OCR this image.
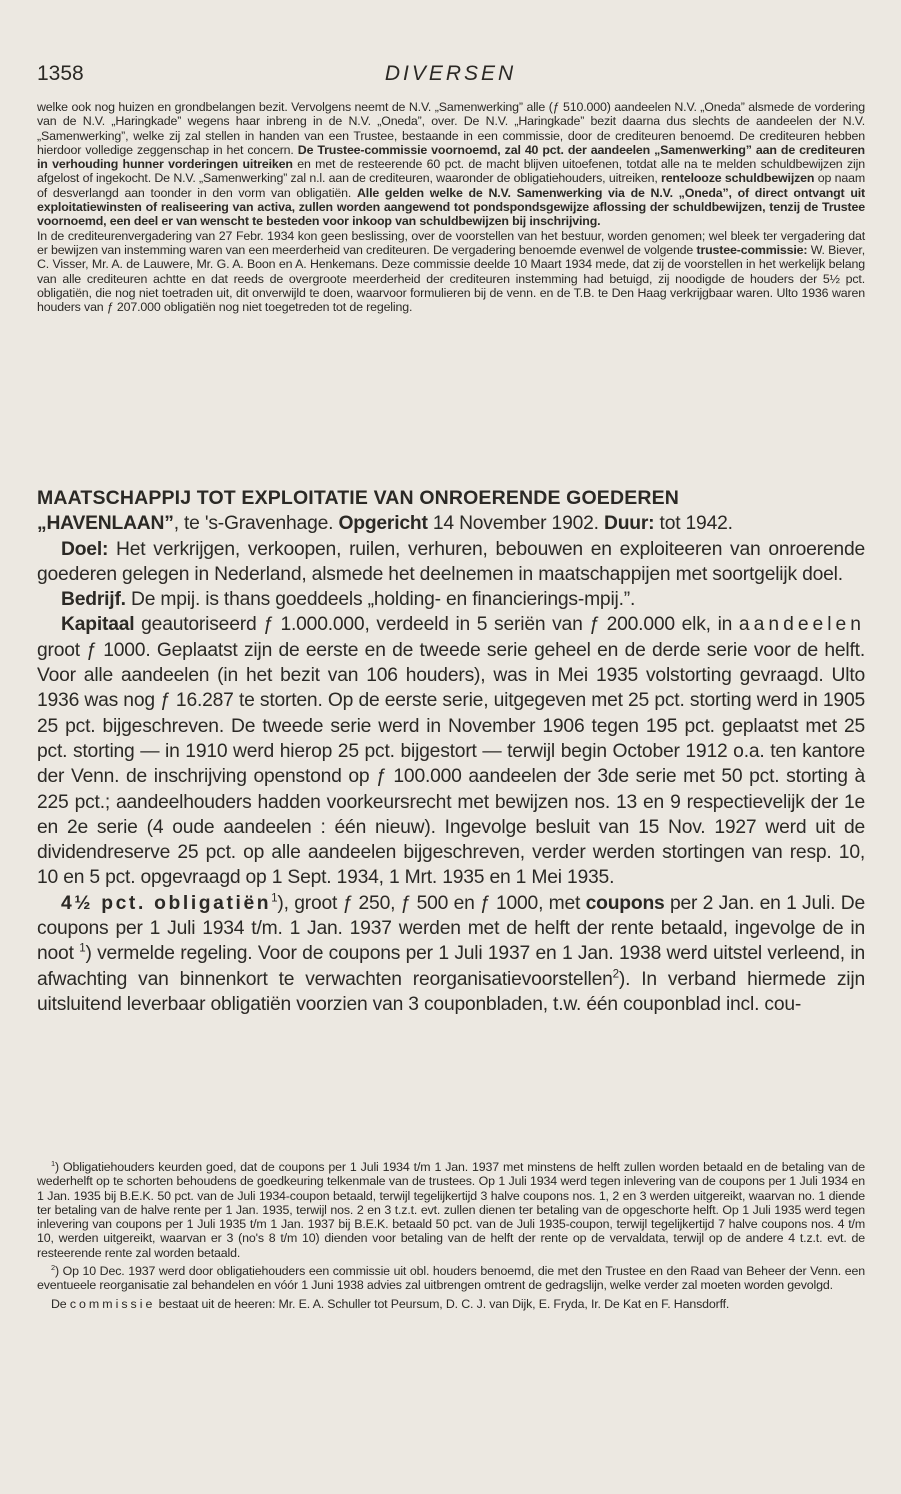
1358	DIVERSEN

welke ook nog huizen en grondbelangen bezit. Vervolgens neemt de N.V. „Samenwerking” alle (ƒ 510.000) aandeelen N.V. „Oneda” alsmede de vordering van de N.V. „Haringkade” wegens haar inbreng in de N.V. „Oneda”, over. De N.V. „Haringkade” bezit daarna dus slechts de aandeelen der N.V. „Samenwerking”, welke zij zal stellen in handen van een Trustee, bestaande in een commissie, door de crediteuren benoemd. De crediteuren hebben hierdoor volledige zeggenschap in het concern. De Trustee-commissie voornoemd, zal 40 pct. der aandeelen „Samenwerking” aan de crediteuren in verhouding hunner vorderingen uitreiken en met de resteerende 60 pct. de macht blijven uitoefenen, totdat alle na te melden schuldbewijzen zijn afgelost of ingekocht. De N.V. „Samenwerking” zal n.l. aan de crediteuren, waaronder de obligatiehouders, uitreiken, rentelooze schuldbewijzen op naam of desverlangd aan toonder in den vorm van obligatiën. Alle gelden welke de N.V. Samenwerking via de N.V. „Oneda”, of direct ontvangt uit exploitatiewinsten of realiseering van activa, zullen worden aangewend tot pondspondsgewijze aflossing der schuldbewijzen, tenzij de Trustee voornoemd, een deel er van wenscht te besteden voor inkoop van schuldbewijzen bij inschrijving.

In de crediteurenvergadering van 27 Febr. 1934 kon geen beslissing, over de voorstellen van het bestuur, worden genomen; wel bleek ter vergadering dat er bewijzen van instemming waren van een meerderheid van crediteuren. De vergadering benoemde evenwel de volgende trustee-commissie: W. Biever, C. Visser, Mr. A. de Lauwere, Mr. G. A. Boon en A. Henkemans. Deze commissie deelde 10 Maart 1934 mede, dat zij de voorstellen in het werkelijk belang van alle crediteuren achtte en dat reeds de overgroote meerderheid der crediteuren instemming had betuigd, zij noodigde de houders der 5½ pct. obligatiën, die nog niet toetraden uit, dit onverwijld te doen, waarvoor formulieren bij de venn. en de T.B. te Den Haag verkrijgbaar waren. Ulto 1936 waren houders van ƒ 207.000 obligatiën nog niet toegetreden tot de regeling.

MAATSCHAPPIJ TOT EXPLOITATIE VAN ONROERENDE GOEDEREN

„HAVENLAAN”, te 's-Gravenhage. Opgericht 14 November 1902. Duur: tot 1942.

Doel: Het verkrijgen, verkoopen, ruilen, verhuren, bebouwen en exploiteeren van onroerende goederen gelegen in Nederland, alsmede het deelnemen in maatschappijen met soortgelijk doel.

Bedrijf. De mpij. is thans goeddeels „holding- en financierings-mpij.”.

Kapitaal geautoriseerd ƒ 1.000.000, verdeeld in 5 seriën van ƒ 200.000 elk, in aandeelen groot ƒ 1000. Geplaatst zijn de eerste en de tweede serie geheel en de derde serie voor de helft. Voor alle aandeelen (in het bezit van 106 houders), was in Mei 1935 volstorting gevraagd. Ulto 1936 was nog ƒ 16.287 te storten. Op de eerste serie, uitgegeven met 25 pct. storting werd in 1905 25 pct. bijgeschreven. De tweede serie werd in November 1906 tegen 195 pct. geplaatst met 25 pct. storting — in 1910 werd hierop 25 pct. bijgestort — terwijl begin October 1912 o.a. ten kantore der Venn. de inschrijving openstond op ƒ 100.000 aandeelen der 3de serie met 50 pct. storting à 225 pct.; aandeelhouders hadden voorkeursrecht met bewijzen nos. 13 en 9 respectievelijk der 1e en 2e serie (4 oude aandeelen : één nieuw). Ingevolge besluit van 15 Nov. 1927 werd uit de dividendreserve 25 pct. op alle aandeelen bijgeschreven, verder werden stortingen van resp. 10, 10 en 5 pct. opgevraagd op 1 Sept. 1934, 1 Mrt. 1935 en 1 Mei 1935.

4½ pct. obligatiën$^1$), groot ƒ 250, ƒ 500 en ƒ 1000, met coupons per 2 Jan. en 1 Juli. De coupons per 1 Juli 1934 t/m. 1 Jan. 1937 werden met de helft der rente betaald, ingevolge de in noot $^1$) vermelde regeling. Voor de coupons per 1 Juli 1937 en 1 Jan. 1938 werd uitstel verleend, in afwachting van binnenkort te verwachten reorganisatievoorstellen$^2$). In verband hiermede zijn uitsluitend leverbaar obligatiën voorzien van 3 couponbladen, t.w. één couponblad incl. cou-

$^1$) Obligatiehouders keurden goed, dat de coupons per 1 Juli 1934 t/m 1 Jan. 1937 met minstens de helft zullen worden betaald en de betaling van de wederhelft op te schorten behoudens de goedkeuring telkenmale van de trustees. Op 1 Juli 1934 werd tegen inlevering van de coupons per 1 Juli 1934 en 1 Jan. 1935 bij B.E.K. 50 pct. van de Juli 1934-coupon betaald, terwijl tegelijkertijd 3 halve coupons nos. 1, 2 en 3 werden uitgereikt, waarvan no. 1 diende ter betaling van de halve rente per 1 Jan. 1935, terwijl nos. 2 en 3 t.z.t. evt. zullen dienen ter betaling van de opgeschorte helft. Op 1 Juli 1935 werd tegen inlevering van coupons per 1 Juli 1935 t/m 1 Jan. 1937 bij B.E.K. betaald 50 pct. van de Juli 1935-coupon, terwijl tegelijkertijd 7 halve coupons nos. 4 t/m 10, werden uitgereikt, waarvan er 3 (no's 8 t/m 10) dienden voor betaling van de helft der rente op de vervaldata, terwijl op de andere 4 t.z.t. evt. de resteerende rente zal worden betaald.

$^2$) Op 10 Dec. 1937 werd door obligatiehouders een commissie uit obl. houders benoemd, die met den Trustee en den Raad van Beheer der Venn. een eventueele reorganisatie zal behandelen en vóór 1 Juni 1938 advies zal uitbrengen omtrent de gedragslijn, welke verder zal moeten worden gevolgd.

De commissie bestaat uit de heeren: Mr. E. A. Schuller tot Peursum, D. C. J. van Dijk, E. Fryda, Ir. De Kat en F. Hansdorff.
